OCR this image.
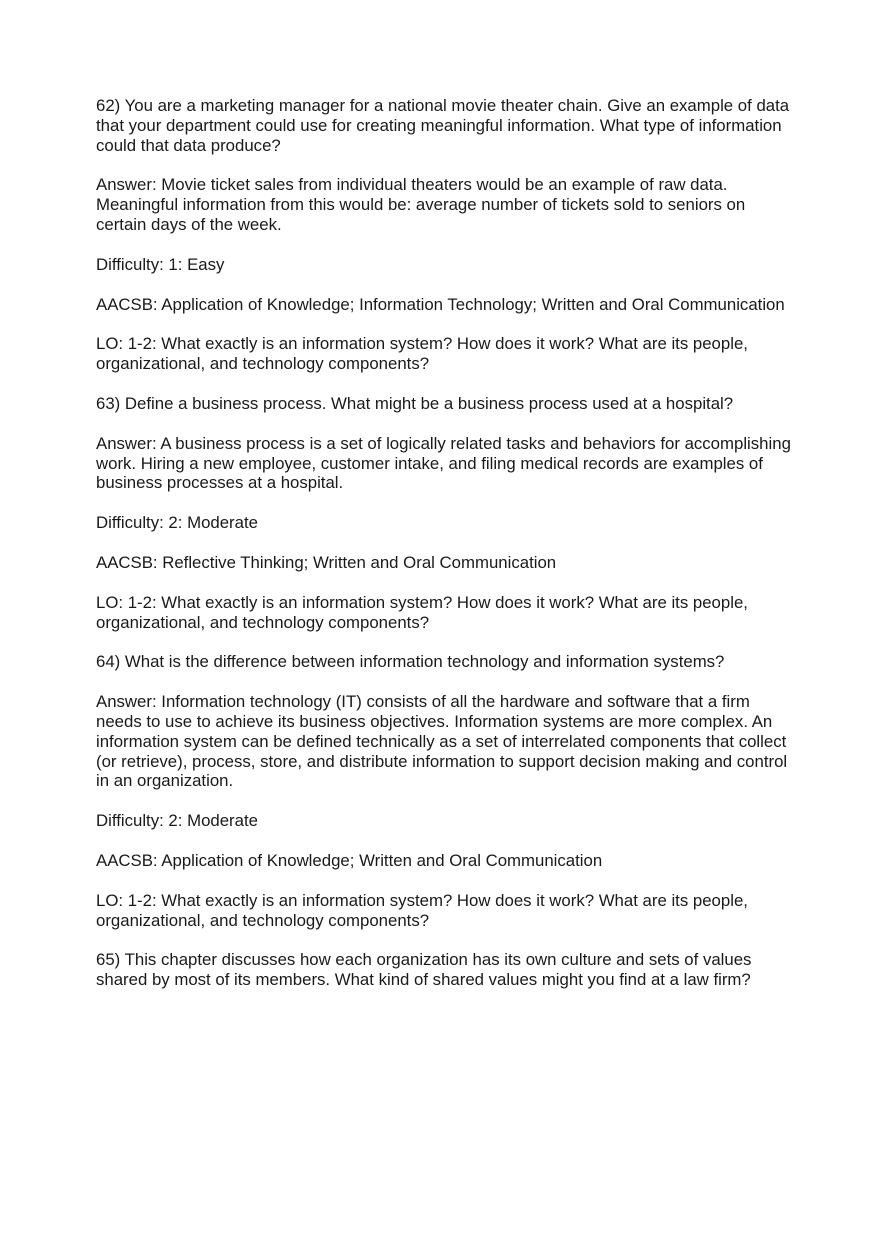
62) You are a marketing manager for a national movie theater chain. Give an example of data that your department could use for creating meaningful information. What type of information could that data produce?

Answer: Movie ticket sales from individual theaters would be an example of raw data. Meaningful information from this would be: average number of tickets sold to seniors on certain days of the week.

Difficulty: 1: Easy

AACSB: Application of Knowledge; Information Technology; Written and Oral Communication

LO: 1-2: What exactly is an information system? How does it work? What are its people, organizational, and technology components?

63) Define a business process. What might be a business process used at a hospital?

Answer: A business process is a set of logically related tasks and behaviors for accomplishing work. Hiring a new employee, customer intake, and filing medical records are examples of business processes at a hospital.

Difficulty: 2: Moderate

AACSB: Reflective Thinking; Written and Oral Communication

LO: 1-2: What exactly is an information system? How does it work? What are its people, organizational, and technology components?

64) What is the difference between information technology and information systems?

Answer: Information technology (IT) consists of all the hardware and software that a firm needs to use to achieve its business objectives. Information systems are more complex. An information system can be defined technically as a set of interrelated components that collect (or retrieve), process, store, and distribute information to support decision making and control in an organization.

Difficulty: 2: Moderate

AACSB: Application of Knowledge; Written and Oral Communication

LO: 1-2: What exactly is an information system? How does it work? What are its people, organizational, and technology components?

65) This chapter discusses how each organization has its own culture and sets of values shared by most of its members. What kind of shared values might you find at a law firm?
